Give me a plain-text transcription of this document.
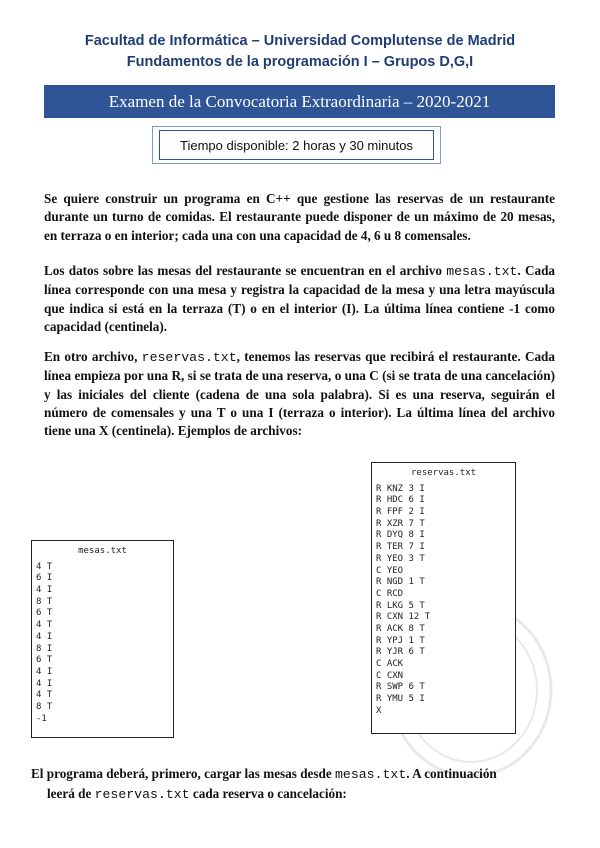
Facultad de Informática – Universidad Complutense de Madrid
Fundamentos de la programación I – Grupos D,G,I
Examen de la Convocatoria Extraordinaria – 2020-2021
Tiempo disponible: 2 horas y 30 minutos
Se quiere construir un programa en C++ que gestione las reservas de un restaurante durante un turno de comidas. El restaurante puede disponer de un máximo de 20 mesas, en terraza o en interior; cada una con una capacidad de 4, 6 u 8 comensales.
Los datos sobre las mesas del restaurante se encuentran en el archivo mesas.txt. Cada línea corresponde con una mesa y registra la capacidad de la mesa y una letra mayúscula que indica si está en la terraza (T) o en el interior (I). La última línea contiene -1 como capacidad (centinela).
En otro archivo, reservas.txt, tenemos las reservas que recibirá el restaurante. Cada línea empieza por una R, si se trata de una reserva, o una C (si se trata de una cancelación) y las iniciales del cliente (cadena de una sola palabra). Si es una reserva, seguirán el número de comensales y una T o una I (terraza o interior). La última línea del archivo tiene una X (centinela). Ejemplos de archivos:
mesas.txt
4 T
6 I
4 I
8 T
6 T
4 T
4 I
8 I
6 T
4 I
4 I
4 T
8 T
-1
reservas.txt
R KNZ 3 I
R HDC 6 I
R FPF 2 I
R XZR 7 T
R DYQ 8 I
R TER 7 I
R YEO 3 T
C YEO
R NGD 1 T
C RCD
R LKG 5 T
R CXN 12 T
R ACK 8 T
R YPJ 1 T
R YJR 6 T
C ACK
C CXN
R SWP 6 T
R YMU 5 I
X
El programa deberá, primero, cargar las mesas desde mesas.txt. A continuación
leerá de reservas.txt cada reserva o cancelación:
